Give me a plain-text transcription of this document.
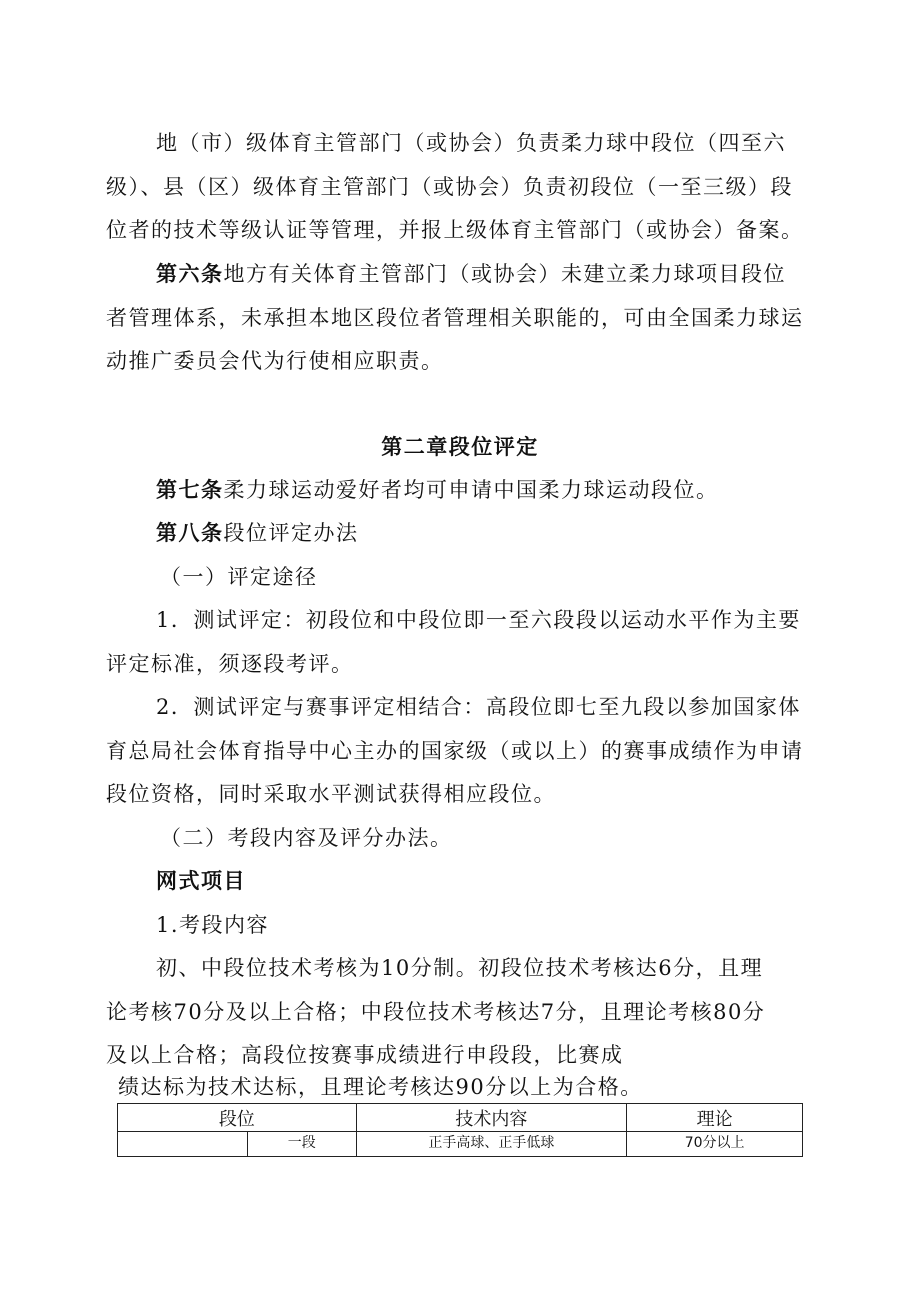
地（市）级体育主管部门（或协会）负责柔力球中段位（四至六
级）、县（区）级体育主管部门（或协会）负责初段位（一至三级）段
位者的技术等级认证等管理，并报上级体育主管部门（或协会）备案。
第六条地方有关体育主管部门（或协会）未建立柔力球项目段位
者管理体系，未承担本地区段位者管理相关职能的，可由全国柔力球运
动推广委员会代为行使相应职责。
第二章段位评定
第七条柔力球运动爱好者均可申请中国柔力球运动段位。
第八条段位评定办法
（一）评定途径
1．测试评定：初段位和中段位即一至六段段以运动水平作为主要
评定标准，须逐段考评。
2．测试评定与赛事评定相结合：高段位即七至九段以参加国家体
育总局社会体育指导中心主办的国家级（或以上）的赛事成绩作为申请
段位资格，同时采取水平测试获得相应段位。
（二）考段内容及评分办法。
网式项目
1.考段内容
初、中段位技术考核为10分制。初段位技术考核达6分，且理
论考核70分及以上合格；中段位技术考核达7分，且理论考核80分
及以上合格；高段位按赛事成绩进行申段段，比赛成
绩达标为技术达标，且理论考核达90分以上为合格。
段位		技术内容	理论
	一段	正手高球、正手低球	70分以上
